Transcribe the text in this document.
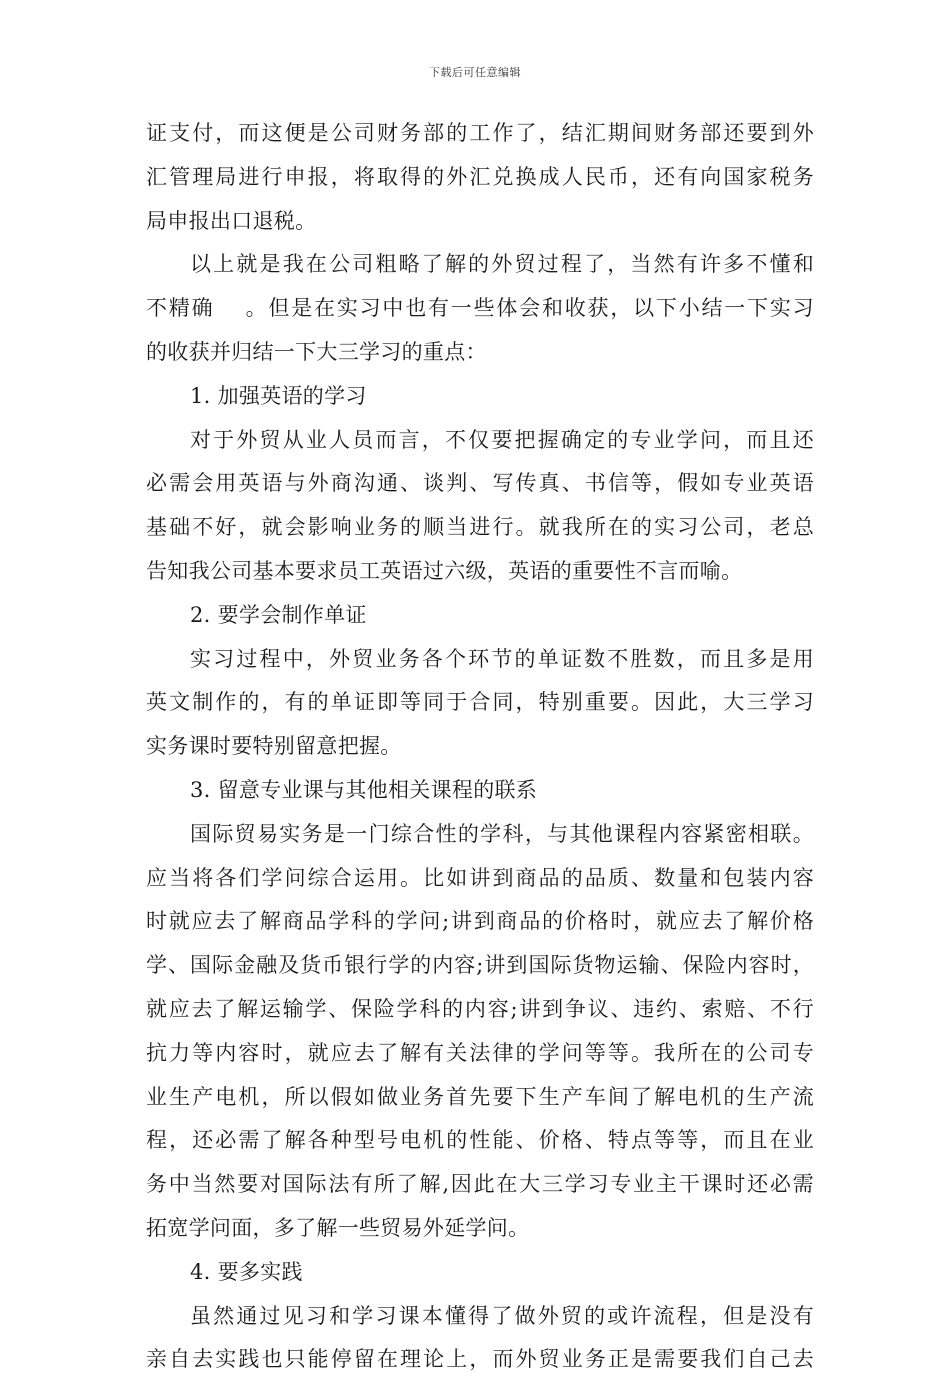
下载后可任意编辑
证支付，而这便是公司财务部的工作了，结汇期间财务部还要到外
汇管理局进行申报，将取得的外汇兑换成人民币，还有向国家税务
局申报出口退税。
以上就是我在公司粗略了解的外贸过程了，当然有许多不懂和
不精确　 。但是在实习中也有一些体会和收获，以下小结一下实习
的收获并归结一下大三学习的重点：
1. 加强英语的学习
对于外贸从业人员而言，不仅要把握确定的专业学问，而且还
必需会用英语与外商沟通、谈判、写传真、书信等，假如专业英语
基础不好，就会影响业务的顺当进行。就我所在的实习公司，老总
告知我公司基本要求员工英语过六级，英语的重要性不言而喻。
2. 要学会制作单证
实习过程中，外贸业务各个环节的单证数不胜数，而且多是用
英文制作的，有的单证即等同于合同，特别重要。因此，大三学习
实务课时要特别留意把握。
3. 留意专业课与其他相关课程的联系
国际贸易实务是一门综合性的学科，与其他课程内容紧密相联。
应当将各们学问综合运用。比如讲到商品的品质、数量和包装内容
时就应去了解商品学科的学问;讲到商品的价格时，就应去了解价格
学、国际金融及货币银行学的内容;讲到国际货物运输、保险内容时，
就应去了解运输学、保险学科的内容;讲到争议、违约、索赔、不行
抗力等内容时，就应去了解有关法律的学问等等。我所在的公司专
业生产电机，所以假如做业务首先要下生产车间了解电机的生产流
程，还必需了解各种型号电机的性能、价格、特点等等，而且在业
务中当然要对国际法有所了解,因此在大三学习专业主干课时还必需
拓宽学问面，多了解一些贸易外延学问。
4. 要多实践
虽然通过见习和学习课本懂得了做外贸的或许流程，但是没有
亲自去实践也只能停留在理论上，而外贸业务正是需要我们自己去
